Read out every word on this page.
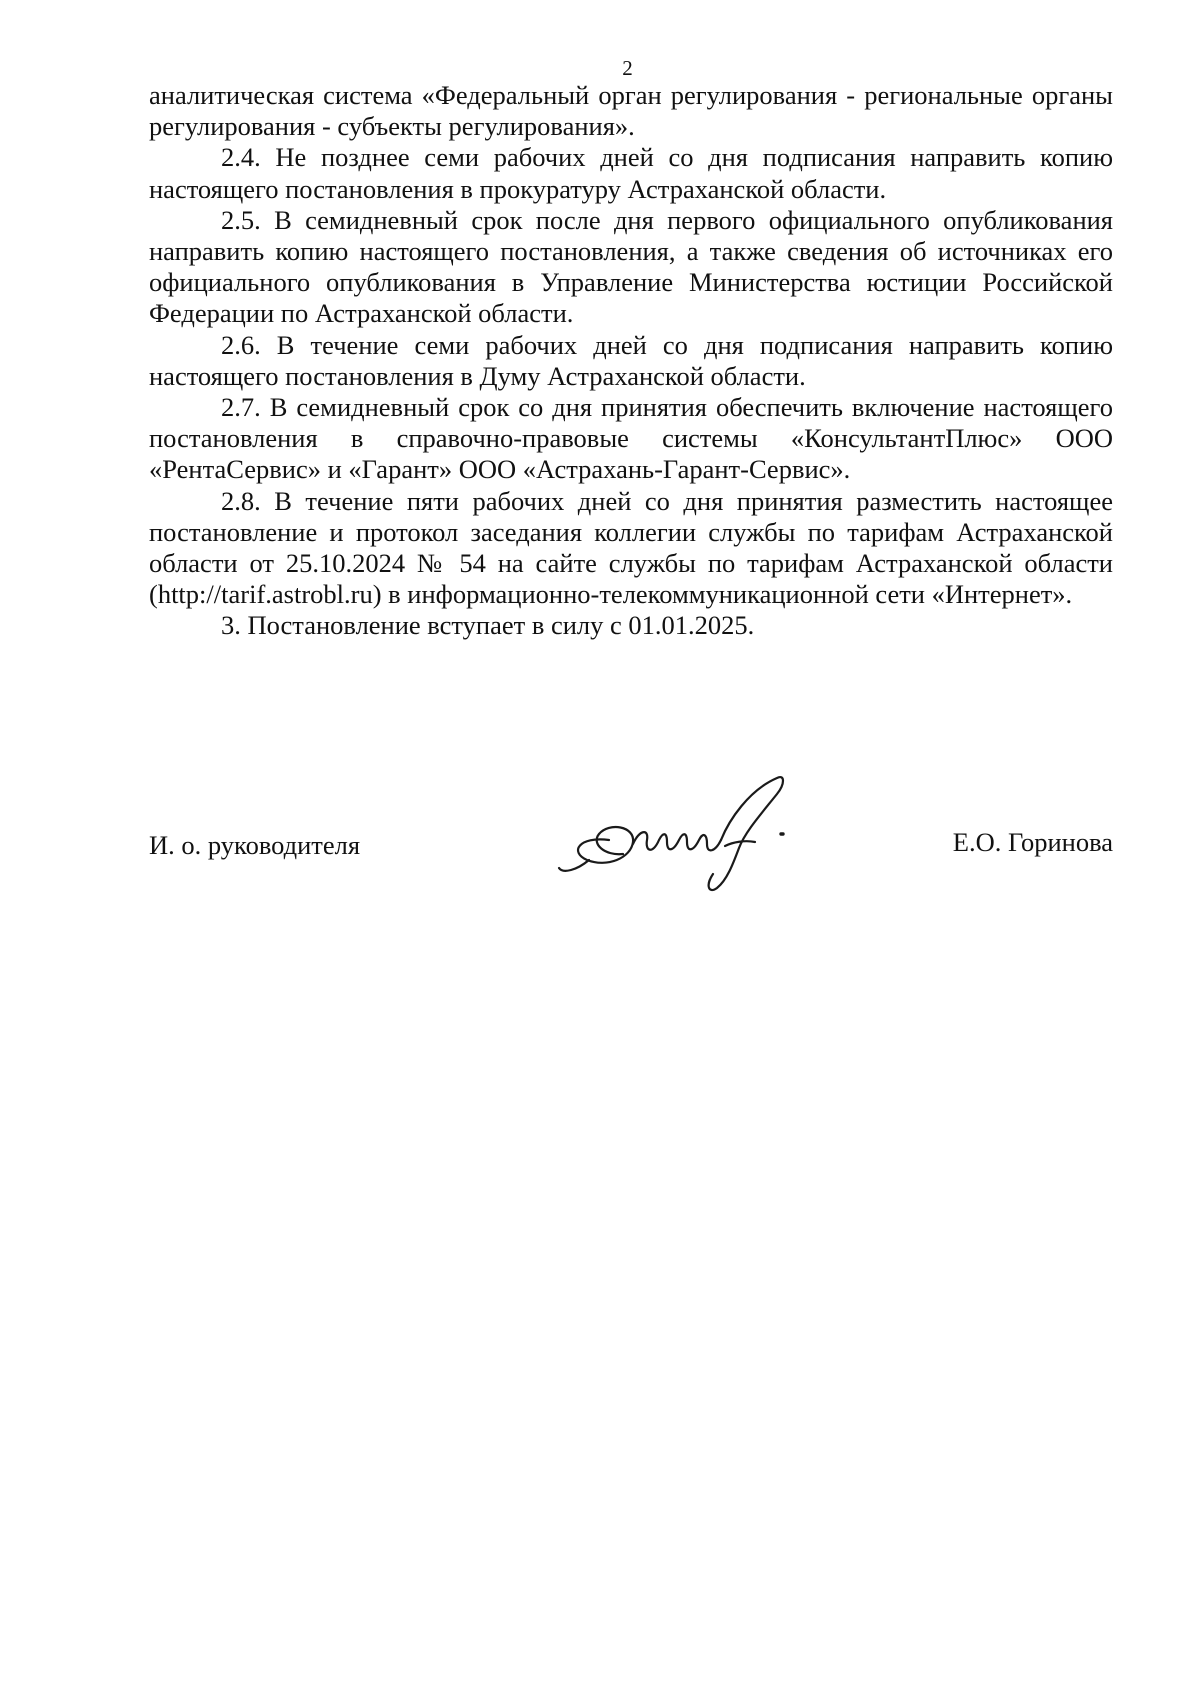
2

аналитическая система «Федеральный орган регулирования - региональные органы регулирования - субъекты регулирования».

2.4. Не позднее семи рабочих дней со дня подписания направить копию настоящего постановления в прокуратуру Астраханской области.

2.5. В семидневный срок после дня первого официального опубликования направить копию настоящего постановления, а также сведения об источниках его официального опубликования в Управление Министерства юстиции Российской Федерации по Астраханской области.

2.6. В течение семи рабочих дней со дня подписания направить копию настоящего постановления в Думу Астраханской области.

2.7. В семидневный срок со дня принятия обеспечить включение настоящего постановления в справочно-правовые системы «КонсультантПлюс» ООО «РентаСервис» и «Гарант» ООО «Астрахань-Гарант-Сервис».

2.8. В течение пяти рабочих дней со дня принятия разместить настоящее постановление и протокол заседания коллегии службы по тарифам Астраханской области от 25.10.2024 № 54 на сайте службы по тарифам Астраханской области (http://tarif.astrobl.ru) в информационно-телекоммуникационной сети «Интернет».

3. Постановление вступает в силу с 01.01.2025.

И. о. руководителя	Е.О. Горинова
